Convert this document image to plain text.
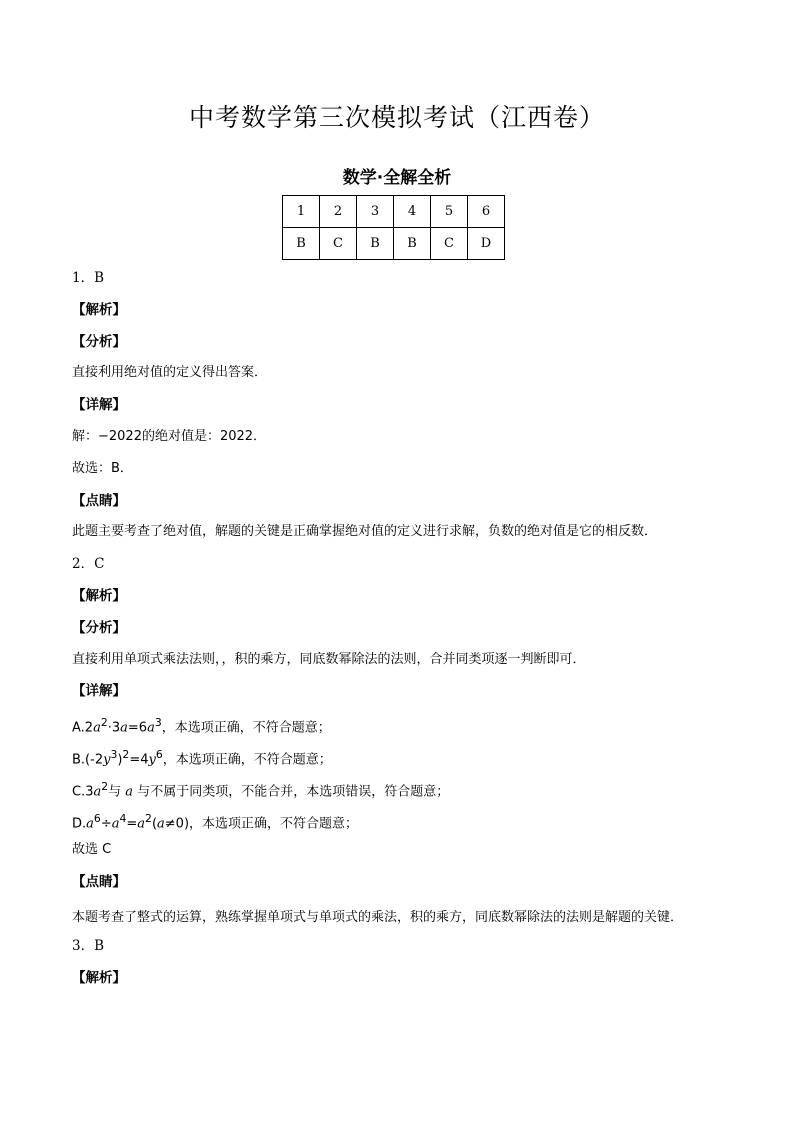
中考数学第三次模拟考试（江西卷）
数学·全解全析
1	2	3	4	5	6
B	C	B	B	C	D
1．B
【解析】
【分析】
直接利用绝对值的定义得出答案．
【详解】
解：−2022的绝对值是：2022．
故选：B．
【点睛】
此题主要考查了绝对值，解题的关键是正确掌握绝对值的定义进行求解，负数的绝对值是它的相反数．
2．C
【解析】
【分析】
直接利用单项式乘法法则，，积的乘方，同底数幂除法的法则，合并同类项逐一判断即可．
【详解】
$A.2a^2\cdot 3a=6a^3$，本选项正确，不符合题意；
$B.(-2y^3)^2=4y^6$，本选项正确，不符合题意；
$C.3a^2$与 a 与不属于同类项，不能合并，本选项错误，符合题意；
$D.a^6\div a^4=a^2(a\ne 0)$，本选项正确，不符合题意；
故选 C
【点睛】
本题考查了整式的运算，熟练掌握单项式与单项式的乘法，积的乘方，同底数幂除法的法则是解题的关键．
3．B
【解析】
